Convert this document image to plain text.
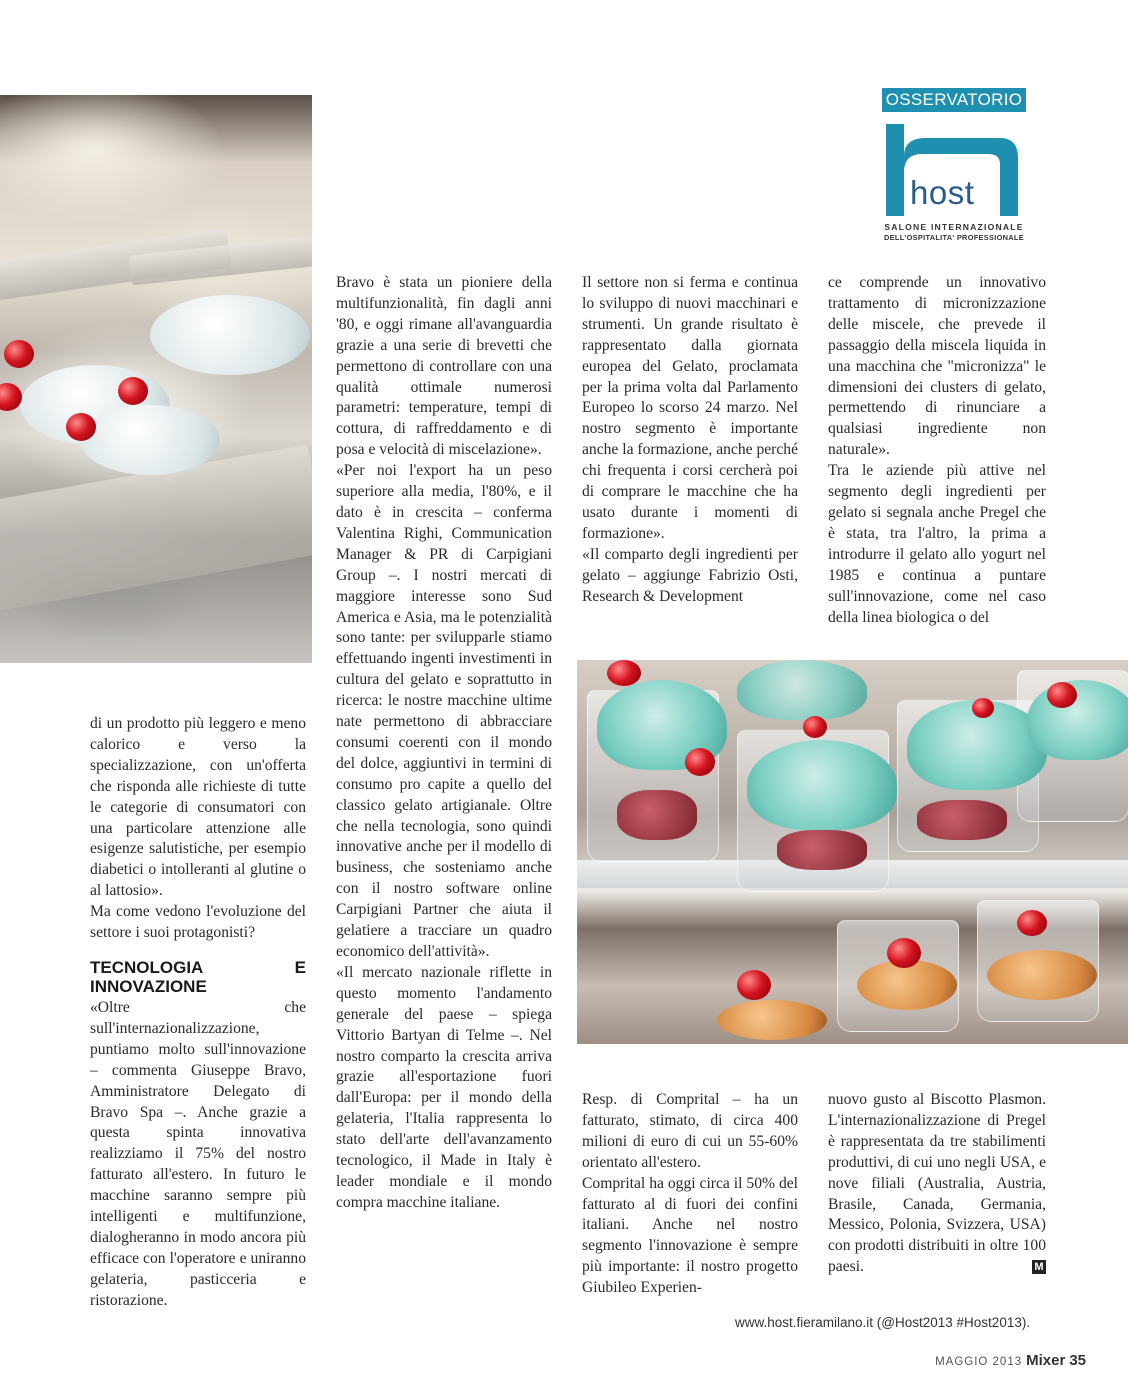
OSSERVATORIO
host
SALONE INTERNAZIONALE
DELL'OSPITALITA' PROFESSIONALE

Bravo è stata un pioniere della multifunzionalità, fin dagli anni '80, e oggi rimane all'avanguardia grazie a una serie di brevetti che permettono di controllare con una qualità ottimale numerosi parametri: temperature, tempi di cottura, di raffreddamento e di posa e velocità di miscelazione».

«Per noi l'export ha un peso superiore alla media, l'80%, e il dato è in crescita – conferma Valentina Righi, Communication Manager & PR di Carpigiani Group –. I nostri mercati di maggiore interesse sono Sud America e Asia, ma le potenzialità sono tante: per svilupparle stiamo effettuando ingenti investimenti in cultura del gelato e soprattutto in ricerca: le nostre macchine ultime nate permettono di abbracciare consumi coerenti con il mondo del dolce, aggiuntivi in termini di consumo pro capite a quello del classico gelato artigianale. Oltre che nella tecnologia, sono quindi innovative anche per il modello di business, che sosteniamo anche con il nostro software online Carpigiani Partner che aiuta il gelatiere a tracciare un quadro economico dell'attività».

«Il mercato nazionale riflette in questo momento l'andamento generale del paese – spiega Vittorio Bartyan di Telme –. Nel nostro comparto la crescita arriva grazie all'esportazione fuori dall'Europa: per il mondo della gelateria, l'Italia rappresenta lo stato dell'arte dell'avanzamento tecnologico, il Made in Italy è leader mondiale e il mondo compra macchine italiane.

Il settore non si ferma e continua lo sviluppo di nuovi macchinari e strumenti. Un grande risultato è rappresentato dalla giornata europea del Gelato, proclamata per la prima volta dal Parlamento Europeo lo scorso 24 marzo. Nel nostro segmento è importante anche la formazione, anche perché chi frequenta i corsi cercherà poi di comprare le macchine che ha usato durante i momenti di formazione».

«Il comparto degli ingredienti per gelato – aggiunge Fabrizio Osti, Research & Development

ce comprende un innovativo trattamento di micronizzazione delle miscele, che prevede il passaggio della miscela liquida in una macchina che "micronizza" le dimensioni dei clusters di gelato, permettendo di rinunciare a qualsiasi ingrediente non naturale».

Tra le aziende più attive nel segmento degli ingredienti per gelato si segnala anche Pregel che è stata, tra l'altro, la prima a introdurre il gelato allo yogurt nel 1985 e continua a puntare sull'innovazione, come nel caso della linea biologica o del

di un prodotto più leggero e meno calorico e verso la specializzazione, con un'offerta che risponda alle richieste di tutte le categorie di consumatori con una particolare attenzione alle esigenze salutistiche, per esempio diabetici o intolleranti al glutine o al lattosio».

Ma come vedono l'evoluzione del settore i suoi protagonisti?

TECNOLOGIA E INNOVAZIONE

«Oltre che sull'internazionalizzazione, puntiamo molto sull'innovazione – commenta Giuseppe Bravo, Amministratore Delegato di Bravo Spa –. Anche grazie a questa spinta innovativa realizziamo il 75% del nostro fatturato all'estero. In futuro le macchine saranno sempre più intelligenti e multifunzione, dialogheranno in modo ancora più efficace con l'operatore e uniranno gelateria, pasticceria e ristorazione.

Resp. di Comprital – ha un fatturato, stimato, di circa 400 milioni di euro di cui un 55-60% orientato all'estero.

Comprital ha oggi circa il 50% del fatturato al di fuori dei confini italiani. Anche nel nostro segmento l'innovazione è sempre più importante: il nostro progetto Giubileo Experien-

nuovo gusto al Biscotto Plasmon. L'internazionalizzazione di Pregel è rappresentata da tre stabilimenti produttivi, di cui uno negli USA, e nove filiali (Australia, Austria, Brasile, Canada, Germania, Messico, Polonia, Svizzera, USA) con prodotti distribuiti in oltre 100 paesi.	M

www.host.fieramilano.it (@Host2013 #Host2013).
MAGGIO 2013 Mixer 35
